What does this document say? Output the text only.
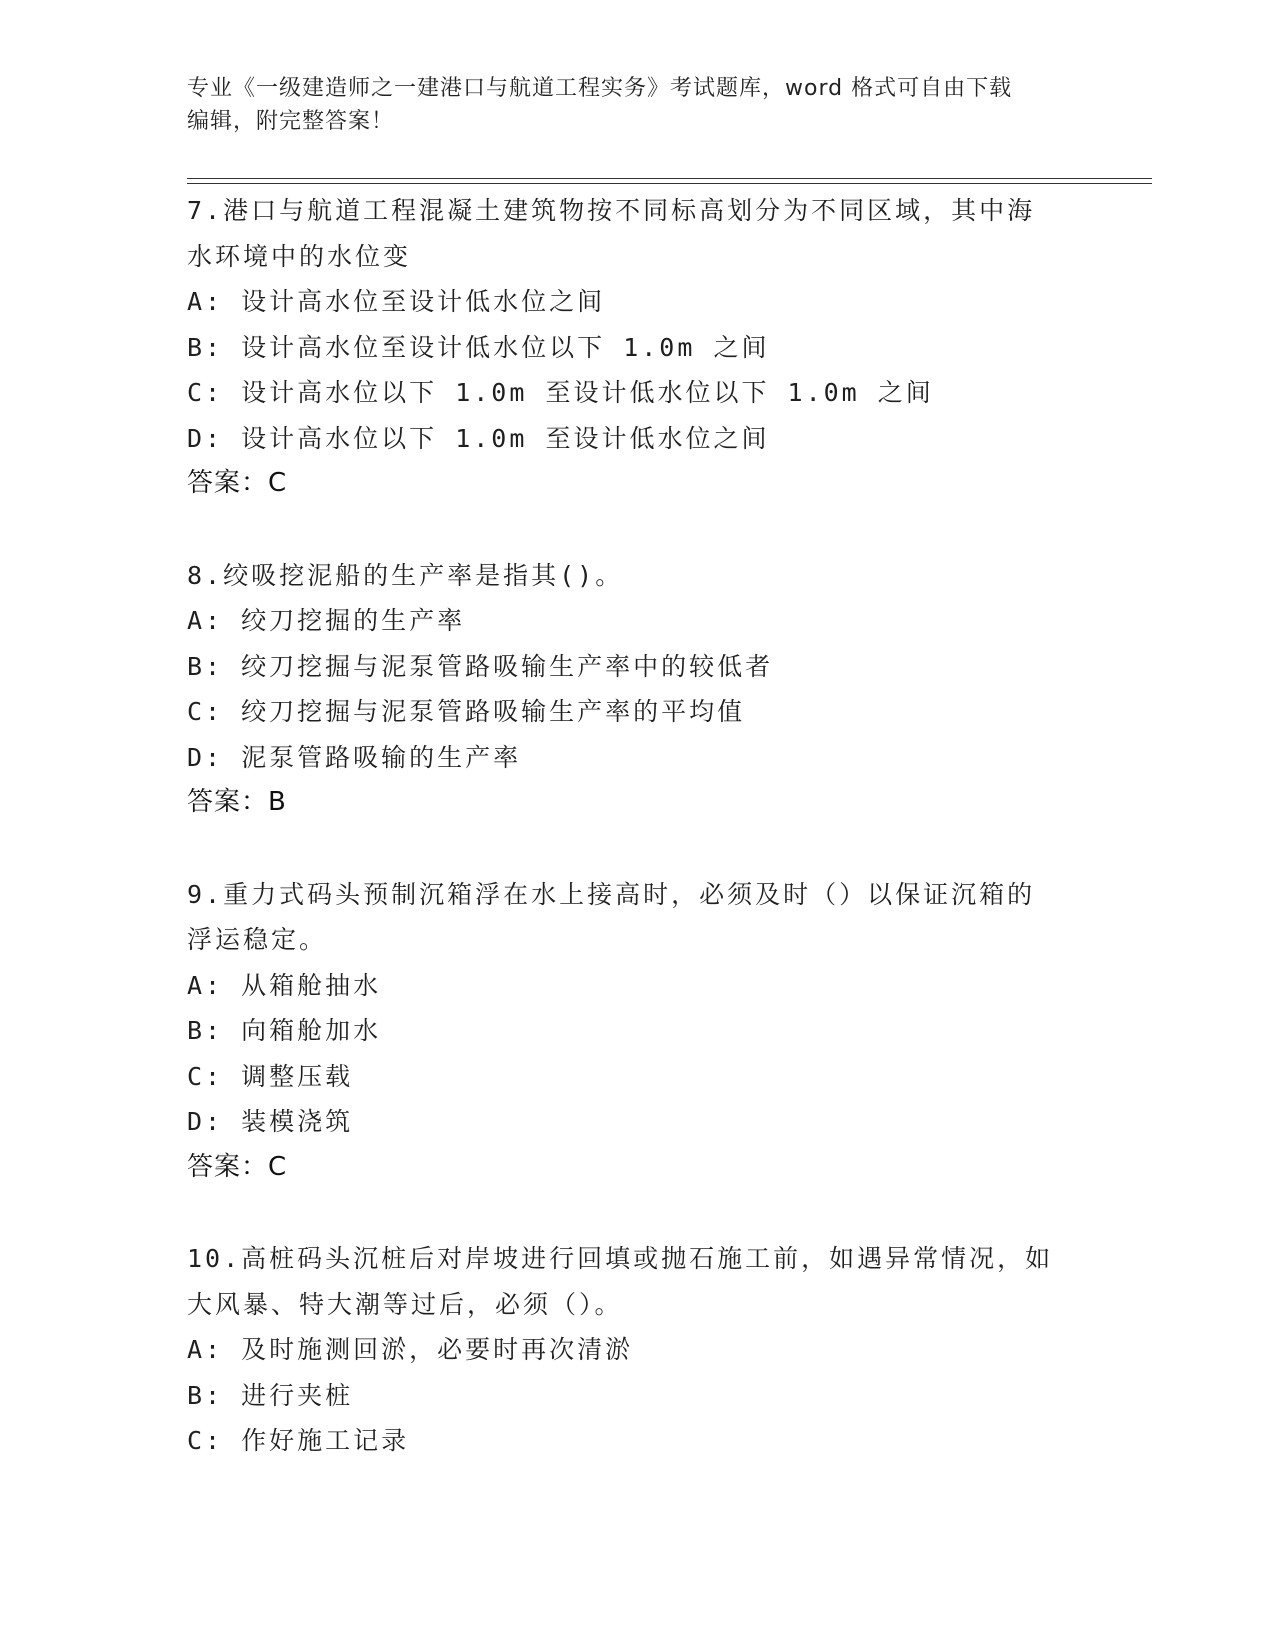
专业《一级建造师之一建港口与航道工程实务》考试题库，word 格式可自由下载
编辑，附完整答案！
7.港口与航道工程混凝土建筑物按不同标高划分为不同区域，其中海
水环境中的水位变
A: 设计高水位至设计低水位之间
B: 设计高水位至设计低水位以下 1.0m 之间
C: 设计高水位以下 1.0m 至设计低水位以下 1.0m 之间
D: 设计高水位以下 1.0m 至设计低水位之间
答案：C
8.绞吸挖泥船的生产率是指其()。
A: 绞刀挖掘的生产率
B: 绞刀挖掘与泥泵管路吸输生产率中的较低者
C: 绞刀挖掘与泥泵管路吸输生产率的平均值
D: 泥泵管路吸输的生产率
答案：B
9.重力式码头预制沉箱浮在水上接高时，必须及时（）以保证沉箱的
浮运稳定。
A: 从箱舱抽水
B: 向箱舱加水
C: 调整压载
D: 装模浇筑
答案：C
10.高桩码头沉桩后对岸坡进行回填或抛石施工前，如遇异常情况，如
大风暴、特大潮等过后，必须（）。
A: 及时施测回淤，必要时再次清淤
B: 进行夹桩
C: 作好施工记录
